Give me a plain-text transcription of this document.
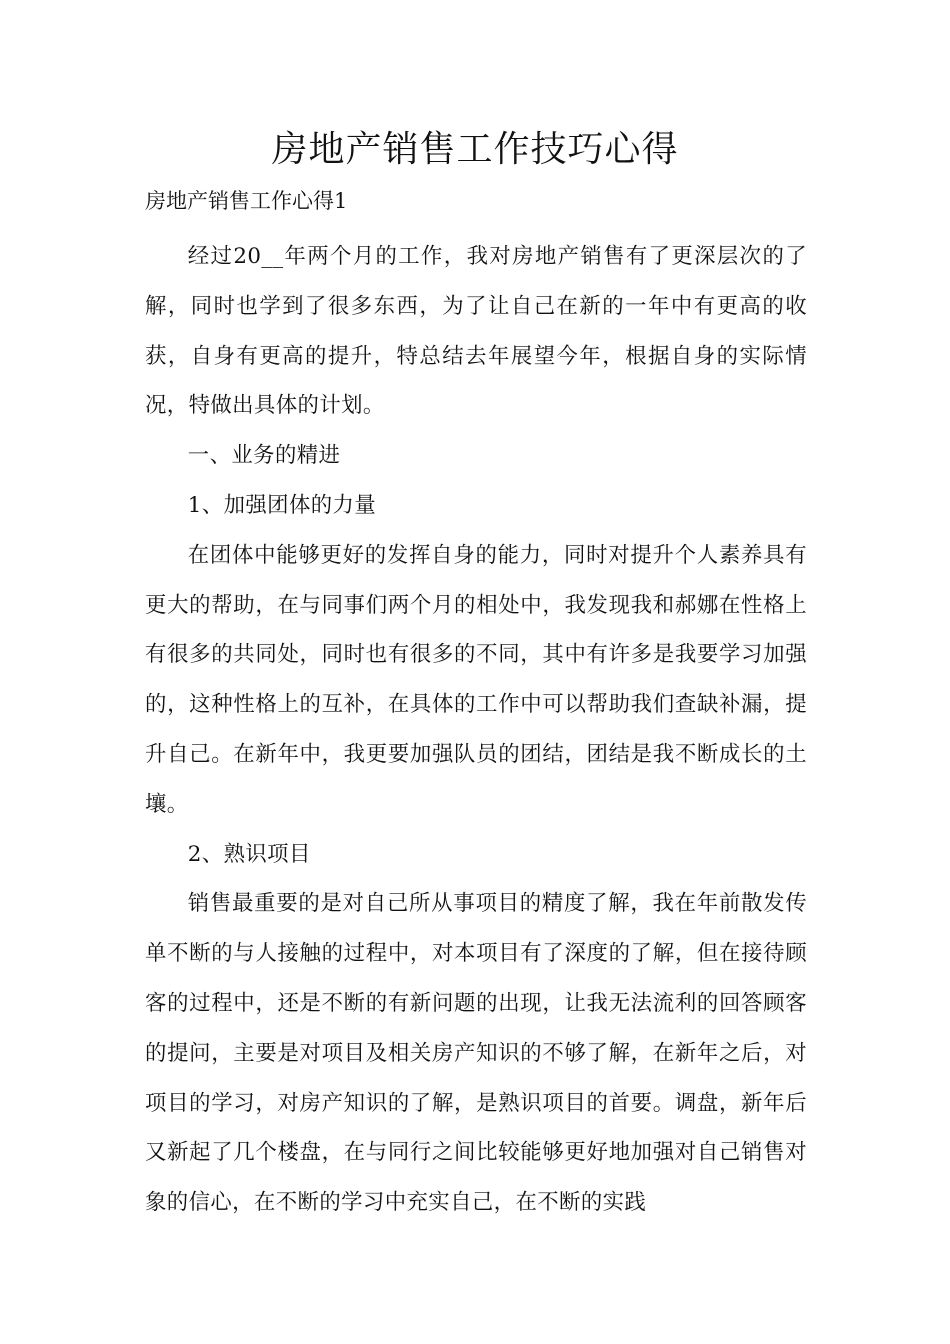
房地产销售工作技巧心得

房地产销售工作心得1

经过20__年两个月的工作，我对房地产销售有了更深层次的了解，同时也学到了很多东西，为了让自己在新的一年中有更高的收获，自身有更高的提升，特总结去年展望今年，根据自身的实际情况，特做出具体的计划。

一、业务的精进

1、加强团体的力量

在团体中能够更好的发挥自身的能力，同时对提升个人素养具有更大的帮助，在与同事们两个月的相处中，我发现我和郝娜在性格上有很多的共同处，同时也有很多的不同，其中有许多是我要学习加强的，这种性格上的互补，在具体的工作中可以帮助我们查缺补漏，提升自己。在新年中，我更要加强队员的团结，团结是我不断成长的土壤。

2、熟识项目

销售最重要的是对自己所从事项目的精度了解，我在年前散发传单不断的与人接触的过程中，对本项目有了深度的了解，但在接待顾客的过程中，还是不断的有新问题的出现，让我无法流利的回答顾客的提问，主要是对项目及相关房产知识的不够了解，在新年之后，对项目的学习，对房产知识的了解，是熟识项目的首要。调盘，新年后又新起了几个楼盘，在与同行之间比较能够更好地加强对自己销售对象的信心，在不断的学习中充实自己，在不断的实践
